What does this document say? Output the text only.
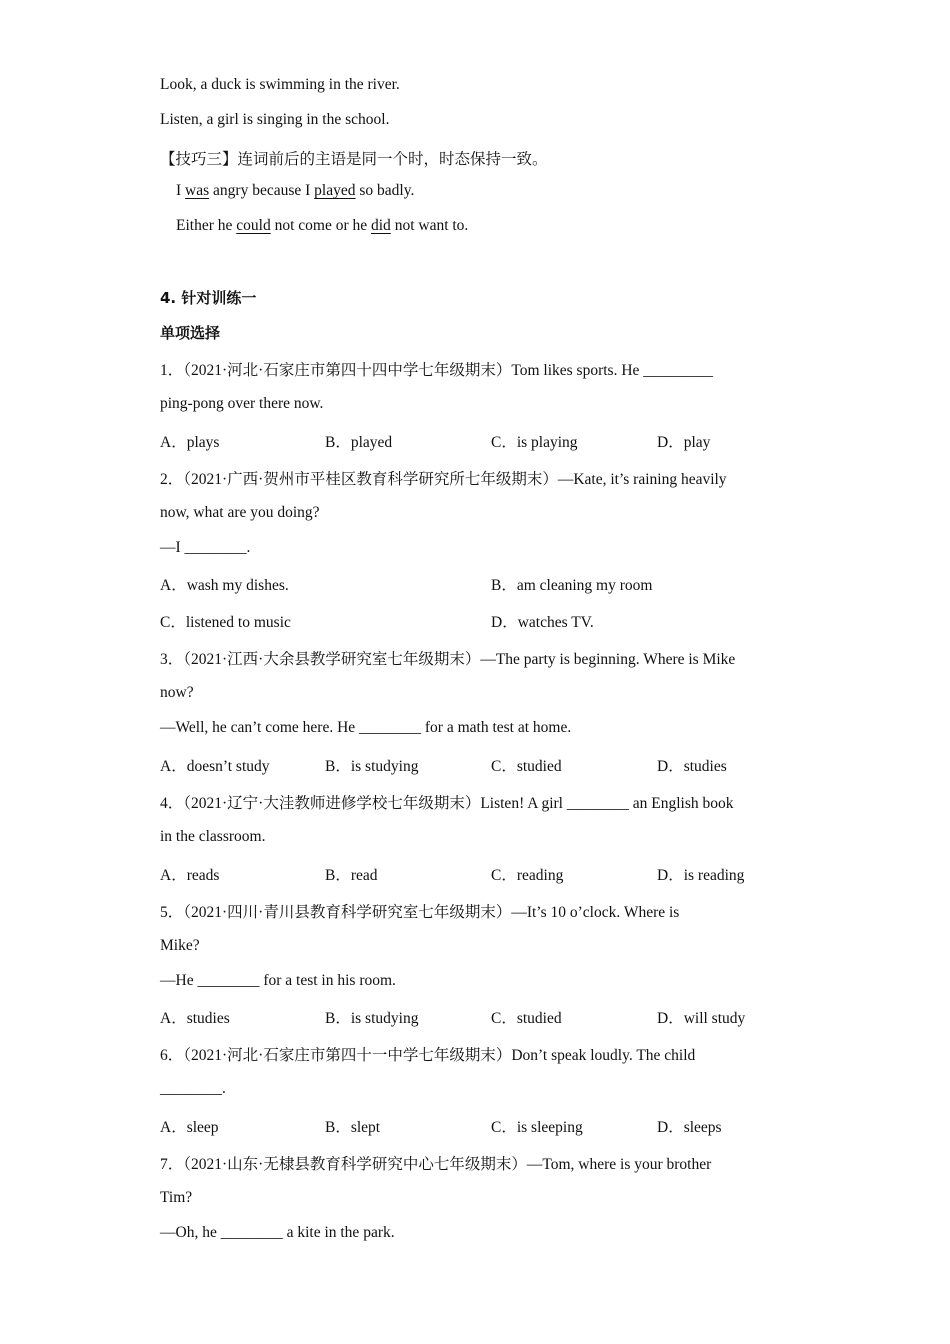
Look, a duck is swimming in the river.
Listen, a girl is singing in the school.
【技巧三】连词前后的主语是同一个时，时态保持一致。
I was angry because I played so badly.
Either he could not come or he did not want to.
4. 针对训练一
单项选择
1．（2021·河北·石家庄市第四十四中学七年级期末）Tom likes sports. He _________
ping-pong over there now.
A．plays	B．played	C．is playing	D．play
2．（2021·广西·贺州市平桂区教育科学研究所七年级期末）—Kate, it’s raining heavily
now, what are you doing?
—I ________.
A．wash my dishes.	B．am cleaning my room
C．listened to music	D．watches TV.
3．（2021·江西·大余县教学研究室七年级期末）—The party is beginning. Where is Mike
now?
—Well, he can’t come here. He ________ for a math test at home.
A．doesn’t study	B．is studying	C．studied	D．studies
4．（2021·辽宁·大洼教师进修学校七年级期末）Listen! A girl ________ an English book
in the classroom.
A．reads	B．read	C．reading	D．is reading
5．（2021·四川·青川县教育科学研究室七年级期末）—It’s 10 o’clock. Where is
Mike?
—He ________ for a test in his room.
A．studies	B．is studying	C．studied	D．will study
6．（2021·河北·石家庄市第四十一中学七年级期末）Don’t speak loudly. The child
________.
A．sleep	B．slept	C．is sleeping	D．sleeps
7．（2021·山东·无棣县教育科学研究中心七年级期末）—Tom, where is your brother
Tim?
—Oh, he ________ a kite in the park.
